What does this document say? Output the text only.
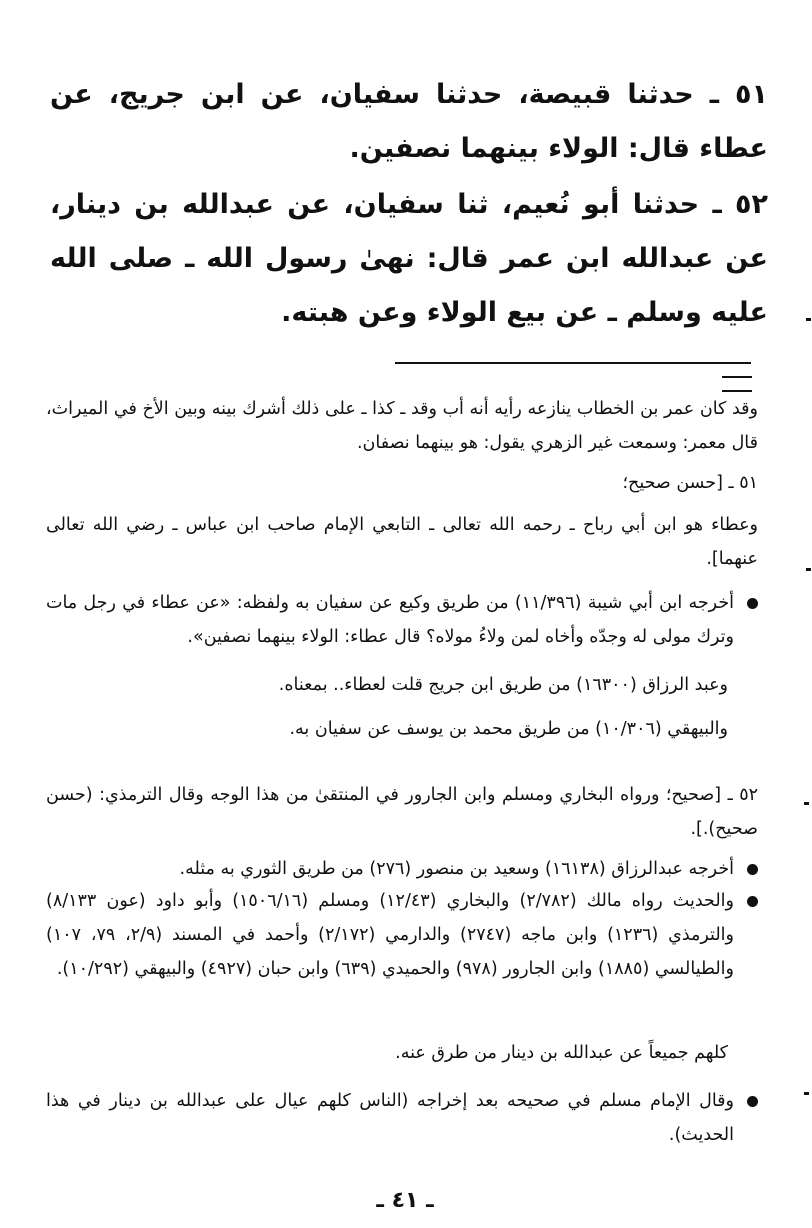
٥١ ـ حدثنا قبيصة، حدثنا سفيان، عن ابن جريج، عن عطاء قال: الولاء بينهما نصفين.
٥٢ ـ حدثنا أبو نُعيم، ثنا سفيان، عن عبدالله بن دينار، عن عبدالله ابن عمر قال: نهىٰ رسول الله ـ صلى الله عليه وسلم ـ عن بيع الولاء وعن هبته.
وقد كان عمر بن الخطاب ينازعه رأيه أنه أب وقد ـ كذا ـ على ذلك أشرك بينه وبين الأخ في الميراث، قال معمر: وسمعت غير الزهري يقول: هو بينهما نصفان.
٥١ ـ [حسن صحيح؛
وعطاء هو ابن أبي رباح ـ رحمه الله تعالى ـ التابعي الإمام صاحب ابن عباس ـ رضي الله تعالى عنهما].
أخرجه ابن أبي شيبة (١١/٣٩٦) من طريق وكيع عن سفيان به ولفظه: «عن عطاء في رجل مات وترك مولى له وجدّه وأخاه لمن ولاءُ مولاه؟ قال عطاء: الولاء بينهما نصفين».
وعبد الرزاق (١٦٣٠٠) من طريق ابن جريج قلت لعطاء.. بمعناه.
والبيهقي (١٠/٣٠٦) من طريق محمد بن يوسف عن سفيان به.
٥٢ ـ [صحيح؛ ورواه البخاري ومسلم وابن الجارور في المنتقىٰ من هذا الوجه وقال الترمذي: (حسن صحيح).].
أخرجه عبدالرزاق (١٦١٣٨) وسعيد بن منصور (٢٧٦) من طريق الثوري به مثله.
والحديث رواه مالك (٢/٧٨٢) والبخاري (١٢/٤٣) ومسلم (١٥٠٦/١٦) وأبو داود (عون ٨/١٣٣) والترمذي (١٢٣٦) وابن ماجه (٢٧٤٧) والدارمي (٢/١٧٢) وأحمد في المسند (٢/٩، ٧٩، ١٠٧) والطيالسي (١٨٨٥) وابن الجارور (٩٧٨) والحميدي (٦٣٩) وابن حبان (٤٩٢٧) والبيهقي (١٠/٢٩٢).
كلهم جميعاً عن عبدالله بن دينار من طرق عنه.
وقال الإمام مسلم في صحيحه بعد إخراجه (الناس كلهم عيال على عبدالله بن دينار في هذا الحديث).
ـ ٤١ ـ
